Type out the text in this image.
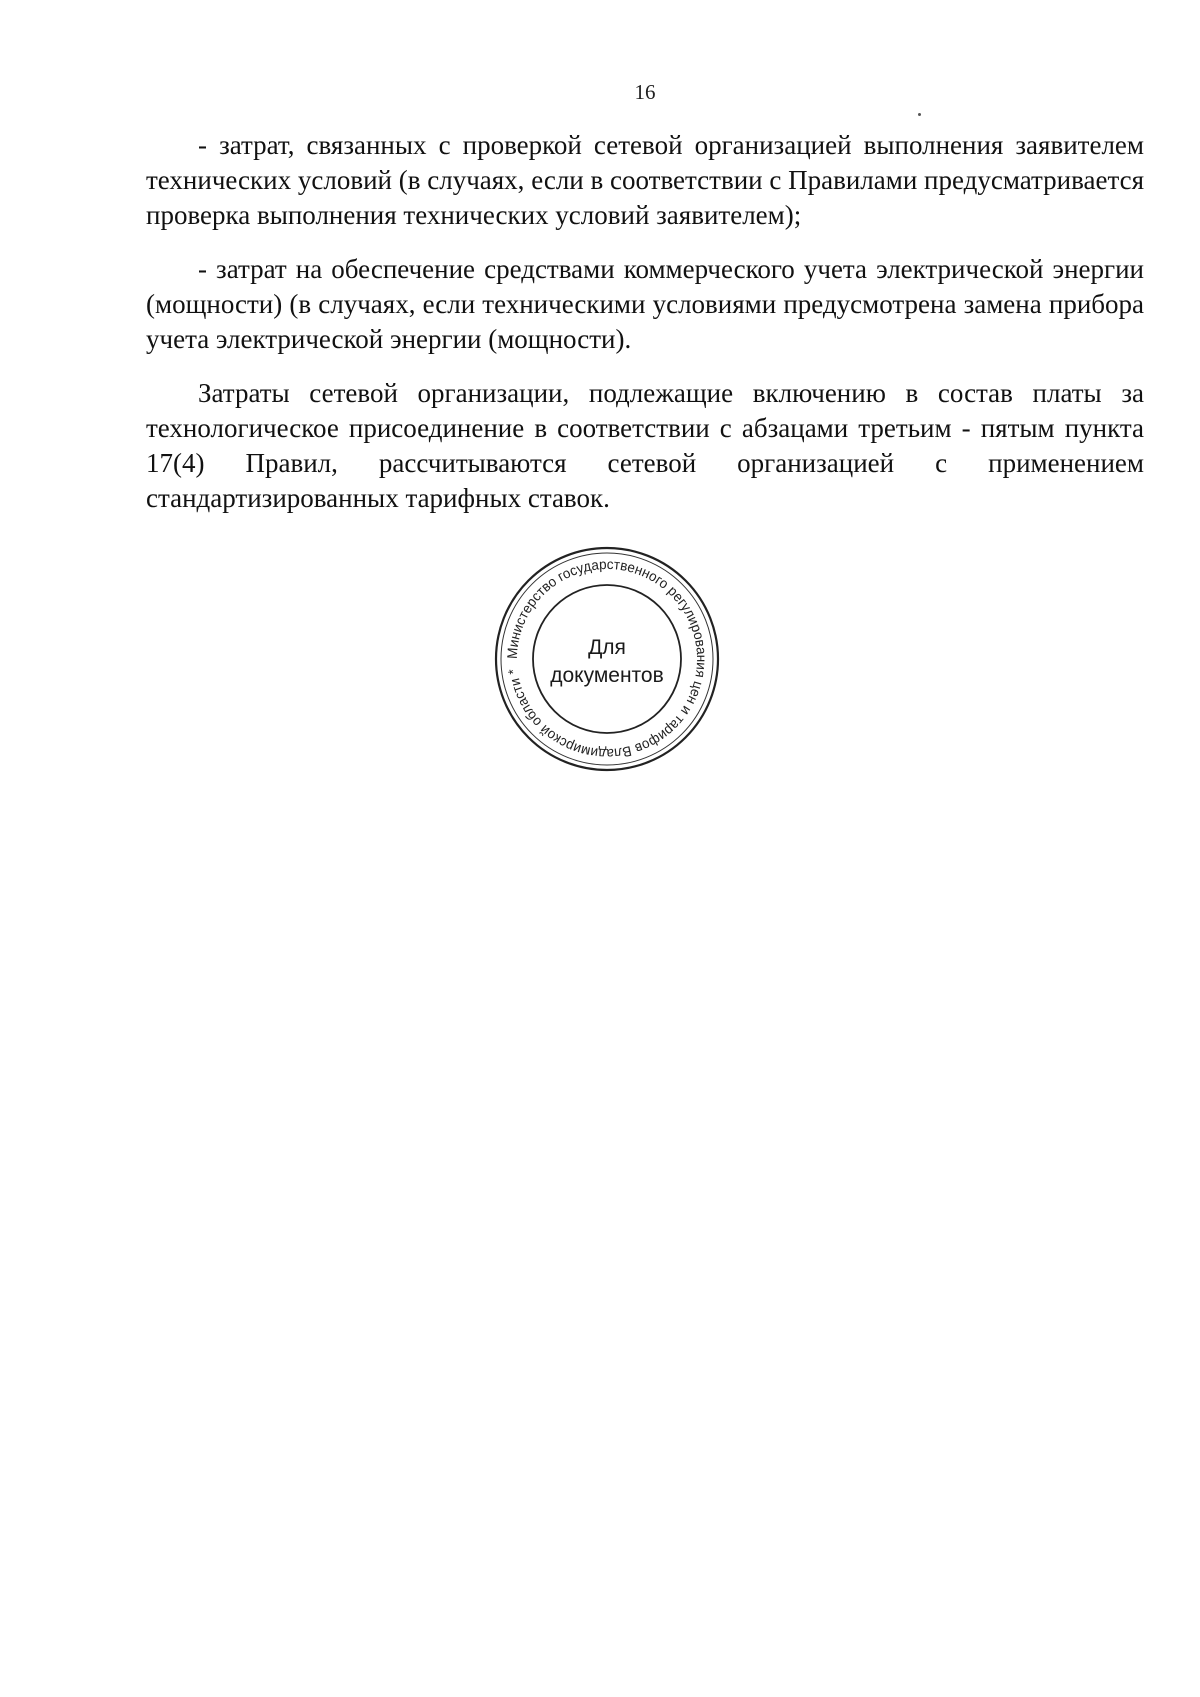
16

- затрат, связанных с проверкой сетевой организацией выполнения заявителем технических условий (в случаях, если в соответствии с Правилами предусматривается проверка выполнения технических условий заявителем);

- затрат на обеспечение средствами коммерческого учета электрической энергии (мощности) (в случаях, если техническими условиями предусмотрена замена прибора учета электрической энергии (мощности).

Затраты сетевой организации, подлежащие включению в состав платы за технологическое присоединение в соответствии с абзацами третьим - пятым пункта 17(4) Правил, рассчитываются сетевой организацией с применением стандартизированных тарифных ставок.

Министерство государственного регулирования цен и тарифов Владимирской области *
Для
документов
